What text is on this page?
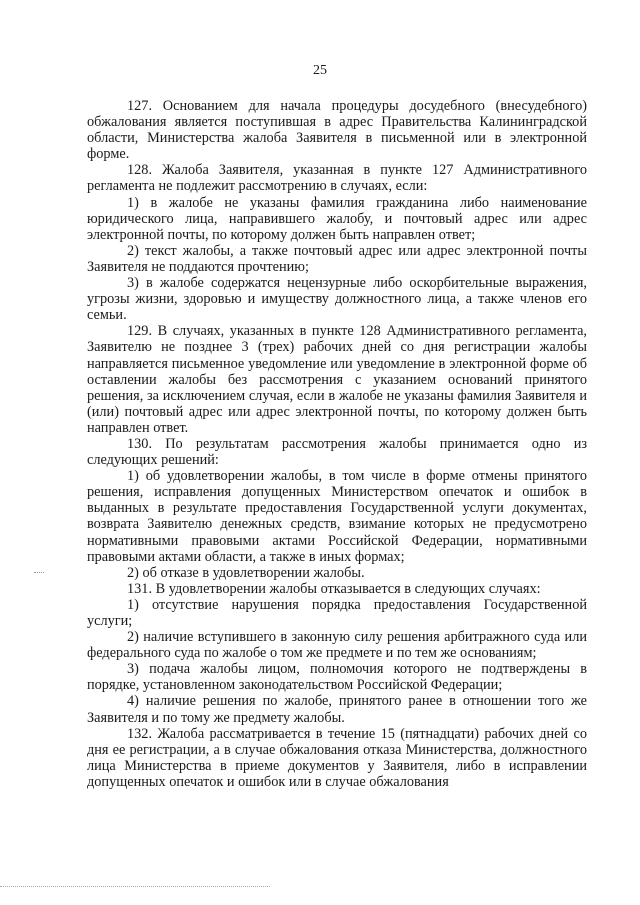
25

127. Основанием для начала процедуры досудебного (внесудебного) обжалования является поступившая в адрес Правительства Калининградской области, Министерства жалоба Заявителя в письменной или в электронной форме.

128. Жалоба Заявителя, указанная в пункте 127 Административного регламента не подлежит рассмотрению в случаях, если:

1) в жалобе не указаны фамилия гражданина либо наименование юридического лица, направившего жалобу, и почтовый адрес или адрес электронной почты, по которому должен быть направлен ответ;

2) текст жалобы, а также почтовый адрес или адрес электронной почты Заявителя не поддаются прочтению;

3) в жалобе содержатся нецензурные либо оскорбительные выражения, угрозы жизни, здоровью и имуществу должностного лица, а также членов его семьи.

129. В случаях, указанных в пункте 128 Административного регламента, Заявителю не позднее 3 (трех) рабочих дней со дня регистрации жалобы направляется письменное уведомление или уведомление в электронной форме об оставлении жалобы без рассмотрения с указанием оснований принятого решения, за исключением случая, если в жалобе не указаны фамилия Заявителя и (или) почтовый адрес или адрес электронной почты, по которому должен быть направлен ответ.

130. По результатам рассмотрения жалобы принимается одно из следующих решений:

1) об удовлетворении жалобы, в том числе в форме отмены принятого решения, исправления допущенных Министерством опечаток и ошибок в выданных в результате предоставления Государственной услуги документах, возврата Заявителю денежных средств, взимание которых не предусмотрено нормативными правовыми актами Российской Федерации, нормативными правовыми актами области, а также в иных формах;

2) об отказе в удовлетворении жалобы.

131. В удовлетворении жалобы отказывается в следующих случаях:

1) отсутствие нарушения порядка предоставления Государственной услуги;

2) наличие вступившего в законную силу решения арбитражного суда или федерального суда по жалобе о том же предмете и по тем же основаниям;

3) подача жалобы лицом, полномочия которого не подтверждены в порядке, установленном законодательством Российской Федерации;

4) наличие решения по жалобе, принятого ранее в отношении того же Заявителя и по тому же предмету жалобы.

132. Жалоба рассматривается в течение 15 (пятнадцати) рабочих дней со дня ее регистрации, а в случае обжалования отказа Министерства, должностного лица Министерства в приеме документов у Заявителя, либо в исправлении допущенных опечаток и ошибок или в случае обжалования
